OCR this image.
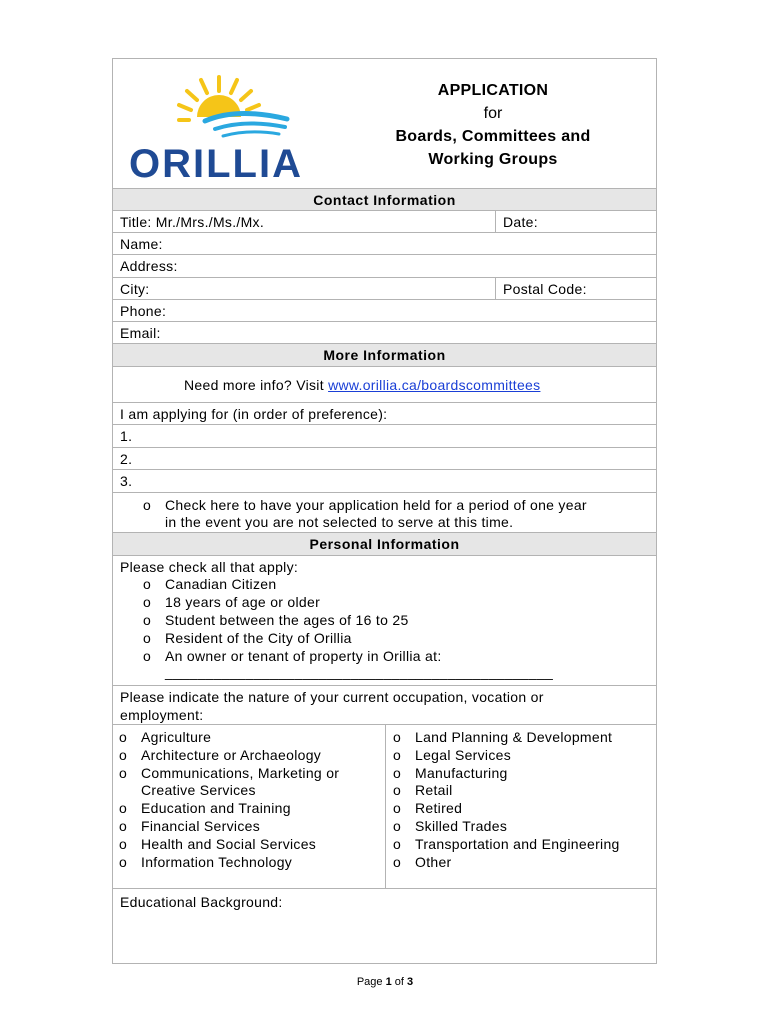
ORILLIA
APPLICATION
for
Boards, Committees and
Working Groups
Contact Information
Title: Mr./Mrs./Ms./Mx.	Date:
Name:
Address:
City:	Postal Code:
Phone:
Email:
More Information
Need more info? Visit www.orillia.ca/boardscommittees
I am applying for (in order of preference):
1.
2.
3.
o Check here to have your application held for a period of one year
in the event you are not selected to serve at this time.
Personal Information
Please check all that apply:
o Canadian Citizen
o 18 years of age or older
o Student between the ages of 16 to 25
o Resident of the City of Orillia
o An owner or tenant of property in Orillia at:
________________________________________________
Please indicate the nature of your current occupation, vocation or
employment:
o Agriculture
o Architecture or Archaeology
o Communications, Marketing or
Creative Services
o Education and Training
o Financial Services
o Health and Social Services
o Information Technology
o Land Planning & Development
o Legal Services
o Manufacturing
o Retail
o Retired
o Skilled Trades
o Transportation and Engineering
o Other
Educational Background:
Page 1 of 3
